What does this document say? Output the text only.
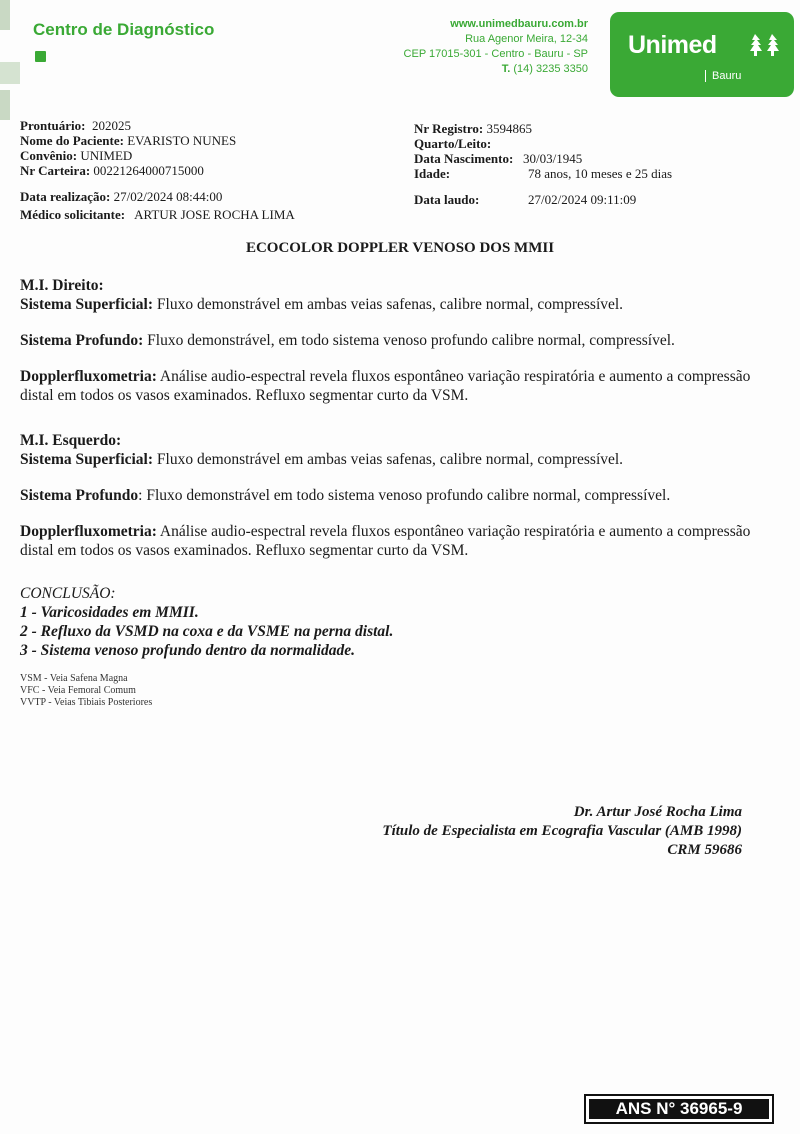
Centro de Diagnóstico	www.unimedbauru.com.br
Rua Agenor Meira, 12-34
CEP 17015-301 - Centro - Bauru - SP
T. (14) 3235 3350
Unimed
Bauru
Prontuário: 202025
Nome do Paciente: EVARISTO NUNES
Convênio: UNIMED
Nr Carteira: 00221264000715000
Data realização: 27/02/2024 08:44:00
Médico solicitante: ARTUR JOSE ROCHA LIMA
Nr Registro: 3594865
Quarto/Leito:
Data Nascimento: 30/03/1945
Idade:	78 anos, 10 meses e 25 dias
Data laudo:	27/02/2024 09:11:09
ECOCOLOR DOPPLER VENOSO DOS MMII
M.I. Direito:
Sistema Superficial: Fluxo demonstrável em ambas veias safenas, calibre normal, compressível.
Sistema Profundo: Fluxo demonstrável, em todo sistema venoso profundo calibre normal, compressível.
Dopplerfluxometria: Análise audio-espectral revela fluxos espontâneo variação respiratória e aumento a compressão distal em todos os vasos examinados. Refluxo segmentar curto da VSM.
M.I. Esquerdo:
Sistema Superficial: Fluxo demonstrável em ambas veias safenas, calibre normal, compressível.
Sistema Profundo: Fluxo demonstrável em todo sistema venoso profundo calibre normal, compressível.
Dopplerfluxometria: Análise audio-espectral revela fluxos espontâneo variação respiratória e aumento a compressão distal em todos os vasos examinados. Refluxo segmentar curto da VSM.
CONCLUSÃO:
1 - Varicosidades em MMII.
2 - Refluxo da VSMD na coxa e da VSME na perna distal.
3 - Sistema venoso profundo dentro da normalidade.
VSM - Veia Safena Magna
VFC - Veia Femoral Comum
VVTP - Veias Tibiais Posteriores
Dr. Artur José Rocha Lima
Título de Especialista em Ecografia Vascular (AMB 1998)
CRM 59686
ANS N° 36965-9
